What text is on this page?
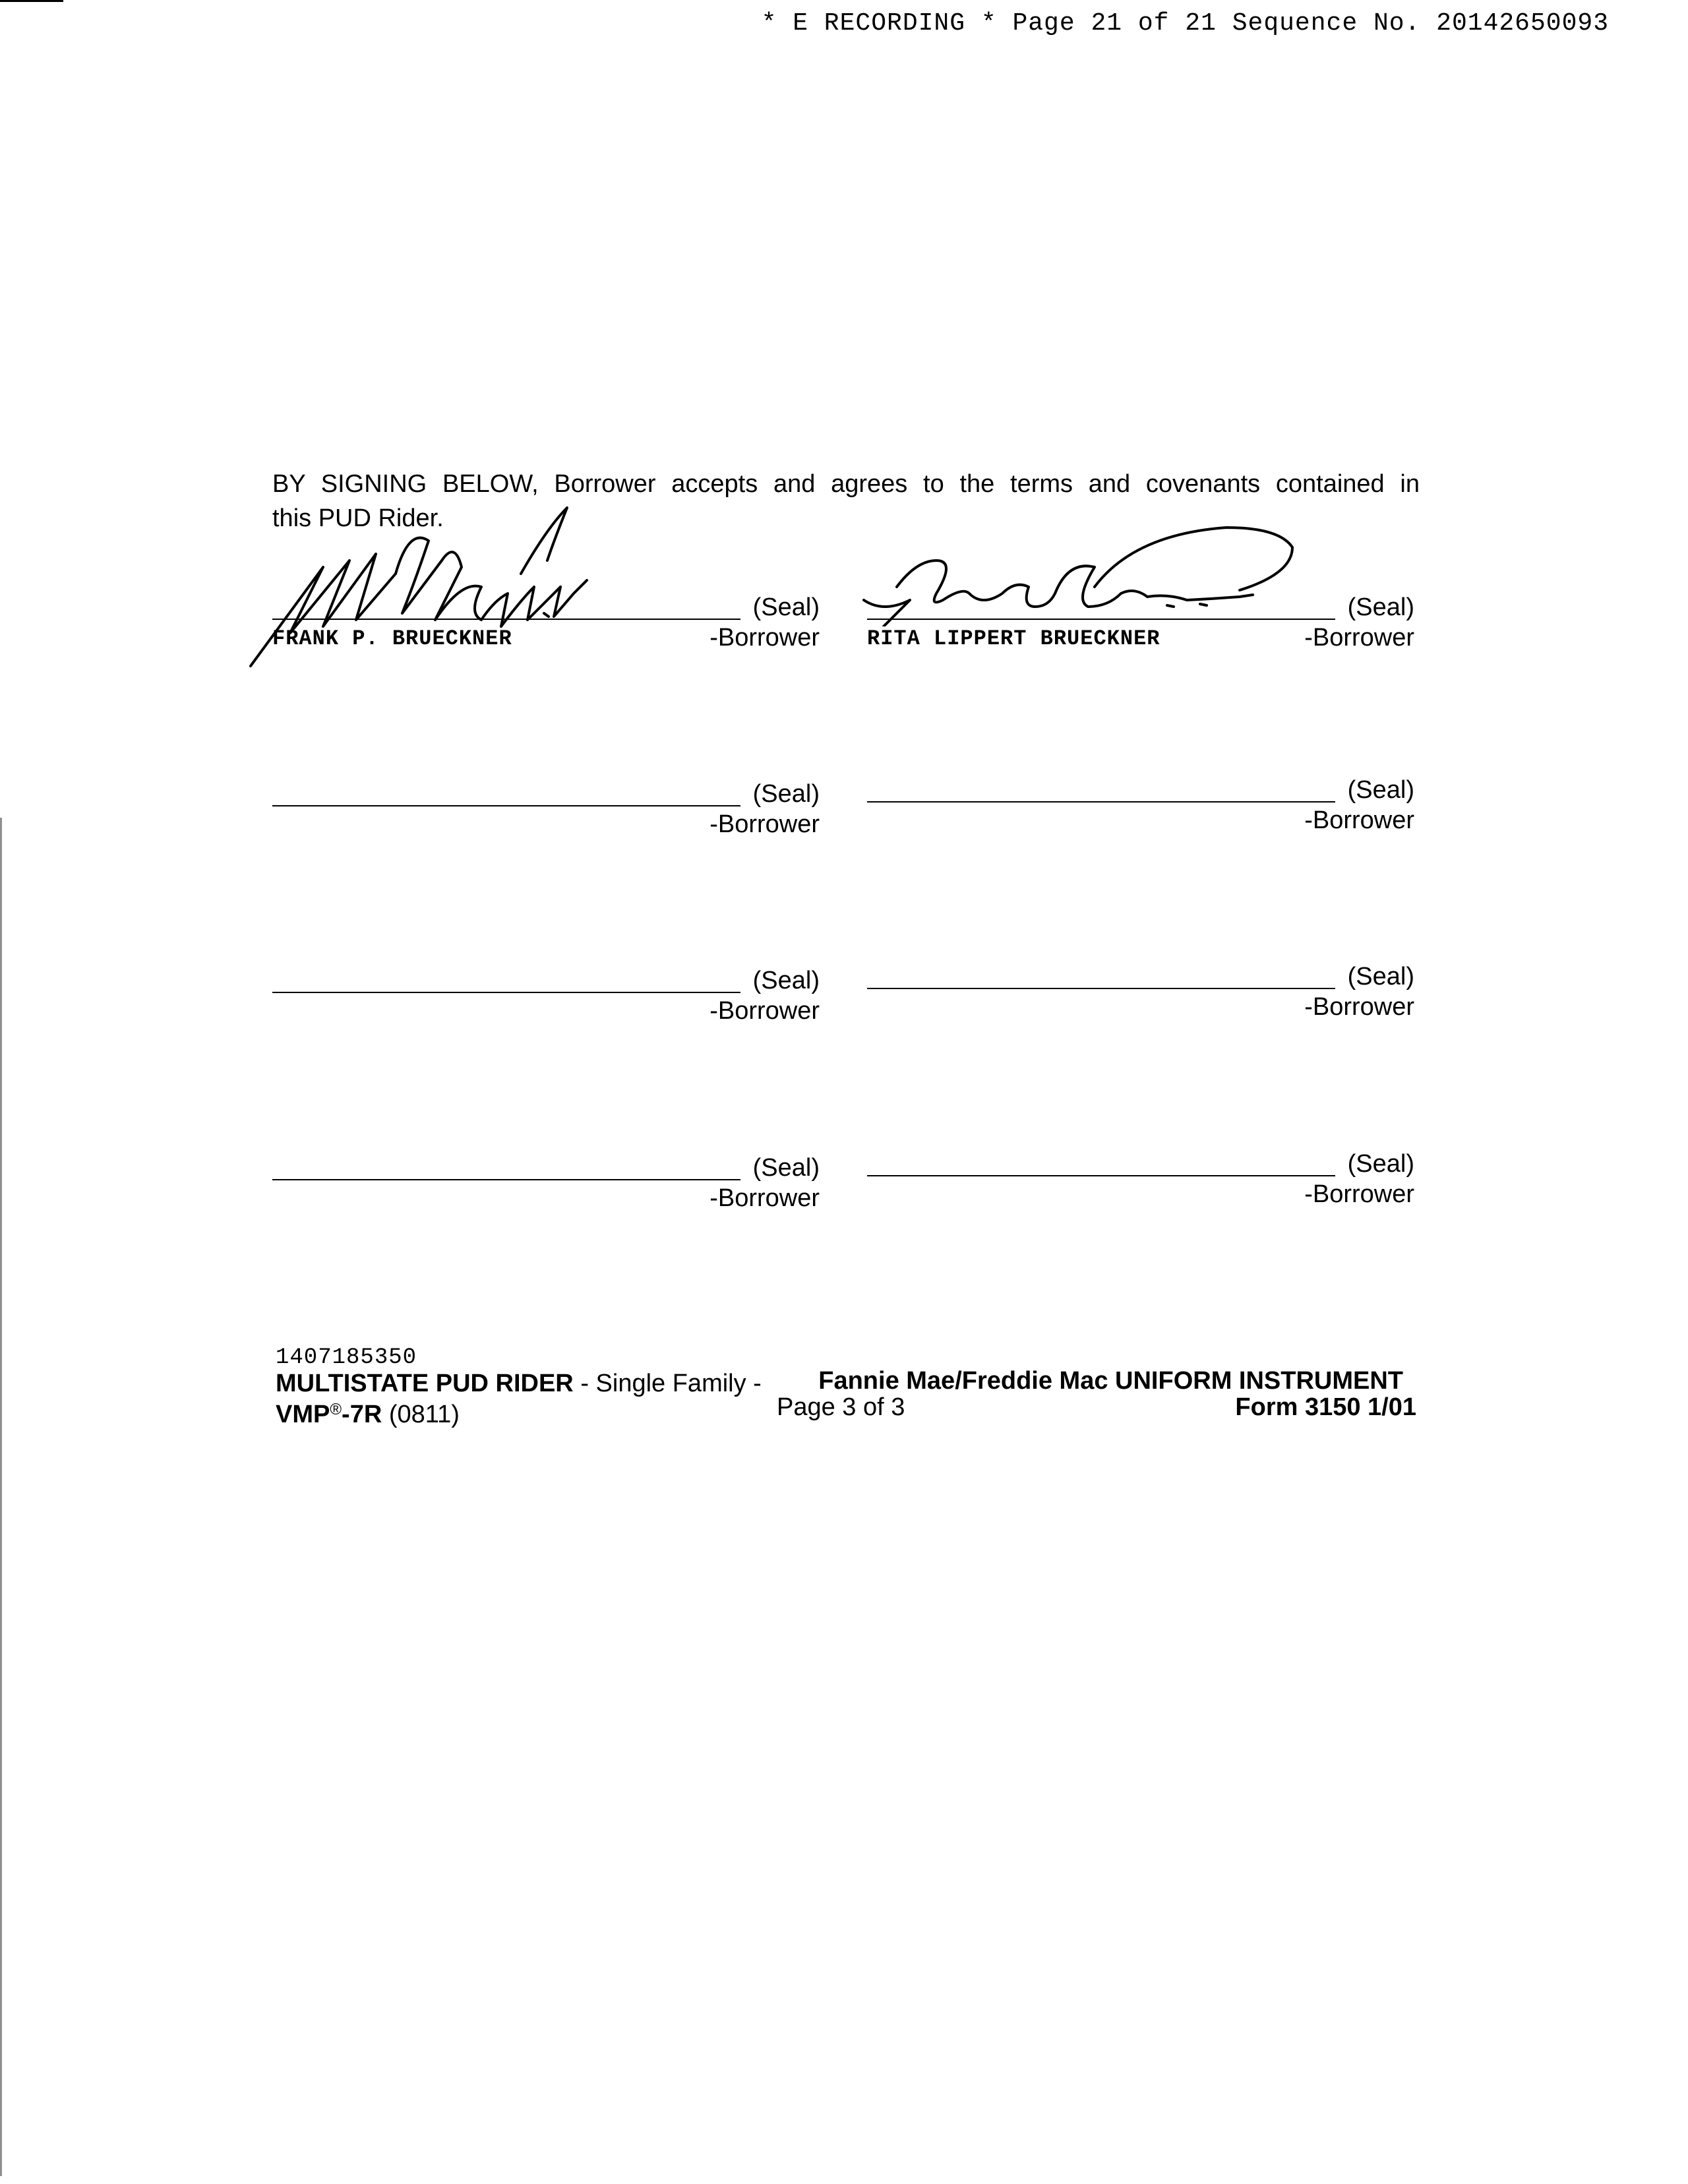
* E RECORDING * Page 21 of 21 Sequence No. 20142650093
BY SIGNING BELOW, Borrower accepts and agrees to the terms and covenants contained in
this PUD Rider.
(Seal)
-Borrower
FRANK P. BRUECKNER
(Seal)
-Borrower
RITA LIPPERT BRUECKNER
(Seal)
-Borrower
(Seal)
-Borrower
(Seal)
-Borrower
(Seal)
-Borrower
(Seal)
-Borrower
(Seal)
-Borrower
1407185350
MULTISTATE PUD RIDER - Single Family - Fannie Mae/Freddie Mac UNIFORM INSTRUMENT
VMP®-7R (0811)	Page 3 of 3	Form 3150 1/01
